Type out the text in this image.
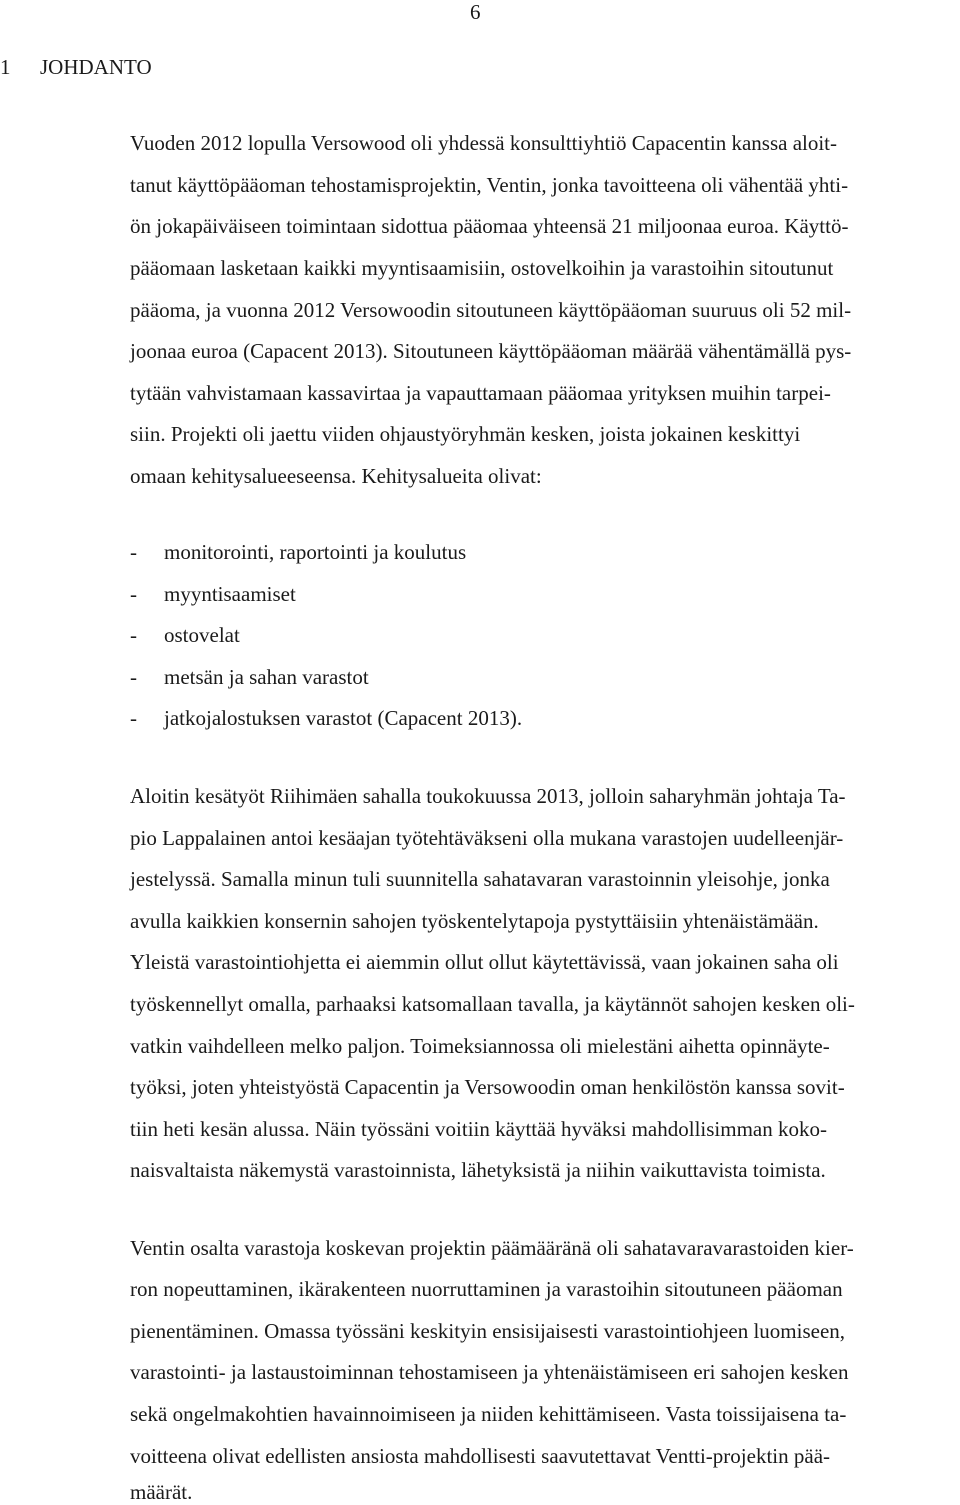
6
1 JOHDANTO
Vuoden 2012 lopulla Versowood oli yhdessä konsulttiyhtiö Capacentin kanssa aloit-
tanut käyttöpääoman tehostamisprojektin, Ventin, jonka tavoitteena oli vähentää yhti-
ön jokapäiväiseen toimintaan sidottua pääomaa yhteensä 21 miljoonaa euroa. Käyttö-
pääomaan lasketaan kaikki myyntisaamisiin, ostovelkoihin ja varastoihin sitoutunut
pääoma, ja vuonna 2012 Versowoodin sitoutuneen käyttöpääoman suuruus oli 52 mil-
joonaa euroa (Capacent 2013). Sitoutuneen käyttöpääoman määrää vähentämällä pys-
tytään vahvistamaan kassavirtaa ja vapauttamaan pääomaa yrityksen muihin tarpei-
siin. Projekti oli jaettu viiden ohjaustyöryhmän kesken, joista jokainen keskittyi
omaan kehitysalueeseensa. Kehitysalueita olivat:
- monitorointi, raportointi ja koulutus
- myyntisaamiset
- ostovelat
- metsän ja sahan varastot
- jatkojalostuksen varastot (Capacent 2013).
Aloitin kesätyöt Riihimäen sahalla toukokuussa 2013, jolloin saharyhmän johtaja Ta-
pio Lappalainen antoi kesäajan työtehtäväkseni olla mukana varastojen uudelleenjär-
jestelyssä. Samalla minun tuli suunnitella sahatavaran varastoinnin yleisohje, jonka
avulla kaikkien konsernin sahojen työskentelytapoja pystyttäisiin yhtenäistämään.
Yleistä varastointiohjetta ei aiemmin ollut ollut käytettävissä, vaan jokainen saha oli
työskennellyt omalla, parhaaksi katsomallaan tavalla, ja käytännöt sahojen kesken oli-
vatkin vaihdelleen melko paljon. Toimeksiannossa oli mielestäni aihetta opinnäyte-
työksi, joten yhteistyöstä Capacentin ja Versowoodin oman henkilöstön kanssa sovit-
tiin heti kesän alussa. Näin työssäni voitiin käyttää hyväksi mahdollisimman koko-
naisvaltaista näkemystä varastoinnista, lähetyksistä ja niihin vaikuttavista toimista.
Ventin osalta varastoja koskevan projektin päämääränä oli sahatavaravarastoiden kier-
ron nopeuttaminen, ikärakenteen nuorruttaminen ja varastoihin sitoutuneen pääoman
pienentäminen. Omassa työssäni keskityin ensisijaisesti varastointiohjeen luomiseen,
varastointi- ja lastaustoiminnan tehostamiseen ja yhtenäistämiseen eri sahojen kesken
sekä ongelmakohtien havainnoimiseen ja niiden kehittämiseen. Vasta toissijaisena ta-
voitteena olivat edellisten ansiosta mahdollisesti saavutettavat Ventti-projektin pää-
määrät.
